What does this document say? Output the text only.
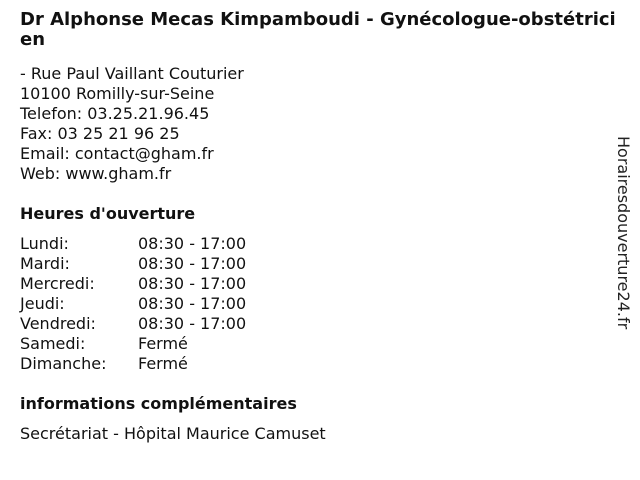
Dr Alphonse Mecas Kimpamboudi - Gynécologue-obstétricien
- Rue Paul Vaillant Couturier
10100 Romilly-sur-Seine
Telefon: 03.25.21.96.45
Fax: 03 25 21 96 25
Email: contact@gham.fr
Web: www.gham.fr
Heures d'ouverture
Lundi:	08:30 - 17:00
Mardi:	08:30 - 17:00
Mercredi:	08:30 - 17:00
Jeudi:	08:30 - 17:00
Vendredi:	08:30 - 17:00
Samedi:	Fermé
Dimanche: Fermé
informations complémentaires
Secrétariat - Hôpital Maurice Camuset
Horairesdouverture24.fr
